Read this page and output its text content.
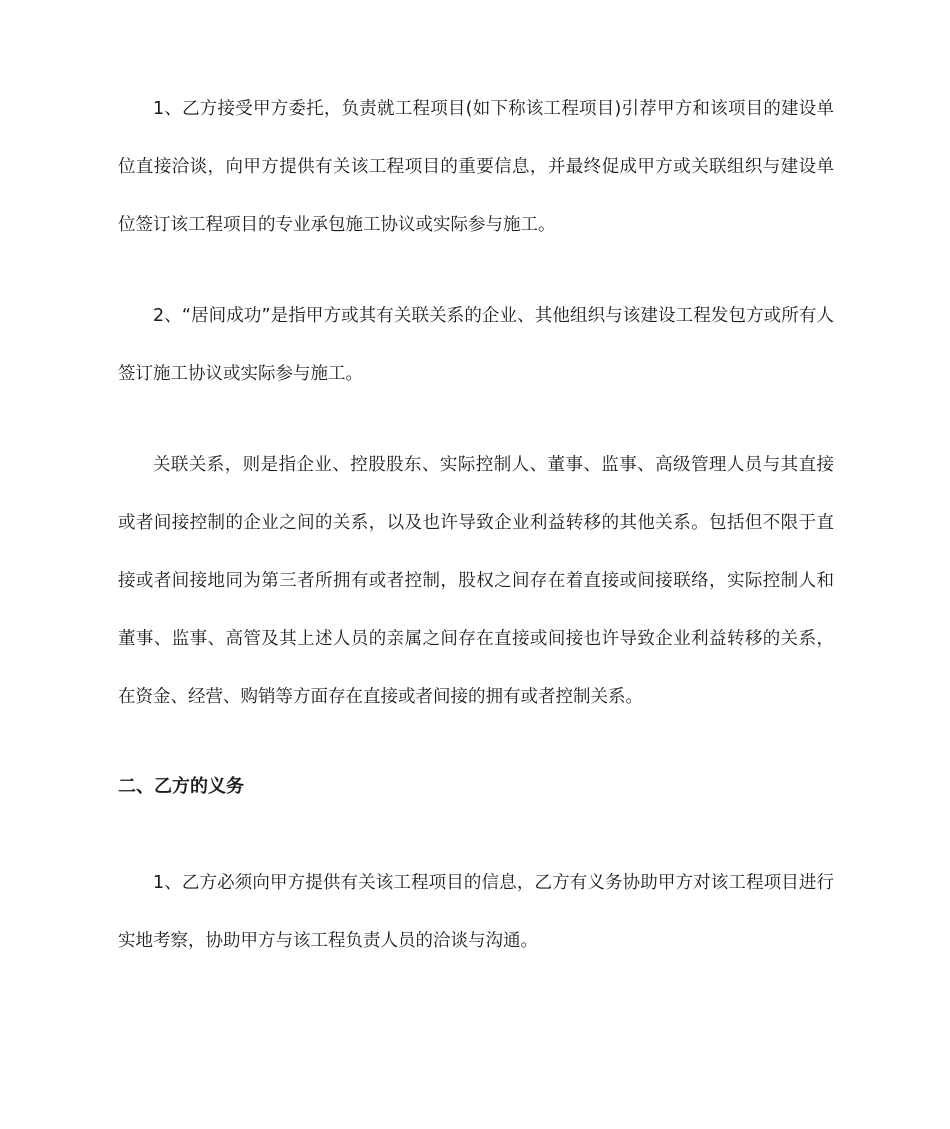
1、乙方接受甲方委托，负责就工程项目(如下称该工程项目)引荐甲方和该项目的建设单位直接洽谈，向甲方提供有关该工程项目的重要信息，并最终促成甲方或关联组织与建设单位签订该工程项目的专业承包施工协议或实际参与施工。

2、“居间成功”是指甲方或其有关联关系的企业、其他组织与该建设工程发包方或所有人签订施工协议或实际参与施工。

关联关系，则是指企业、控股股东、实际控制人、董事、监事、高级管理人员与其直接或者间接控制的企业之间的关系，以及也许导致企业利益转移的其他关系。包括但不限于直接或者间接地同为第三者所拥有或者控制，股权之间存在着直接或间接联络，实际控制人和董事、监事、高管及其上述人员的亲属之间存在直接或间接也许导致企业利益转移的关系，在资金、经营、购销等方面存在直接或者间接的拥有或者控制关系。

二、乙方的义务

1、乙方必须向甲方提供有关该工程项目的信息，乙方有义务协助甲方对该工程项目进行实地考察，协助甲方与该工程负责人员的洽谈与沟通。
